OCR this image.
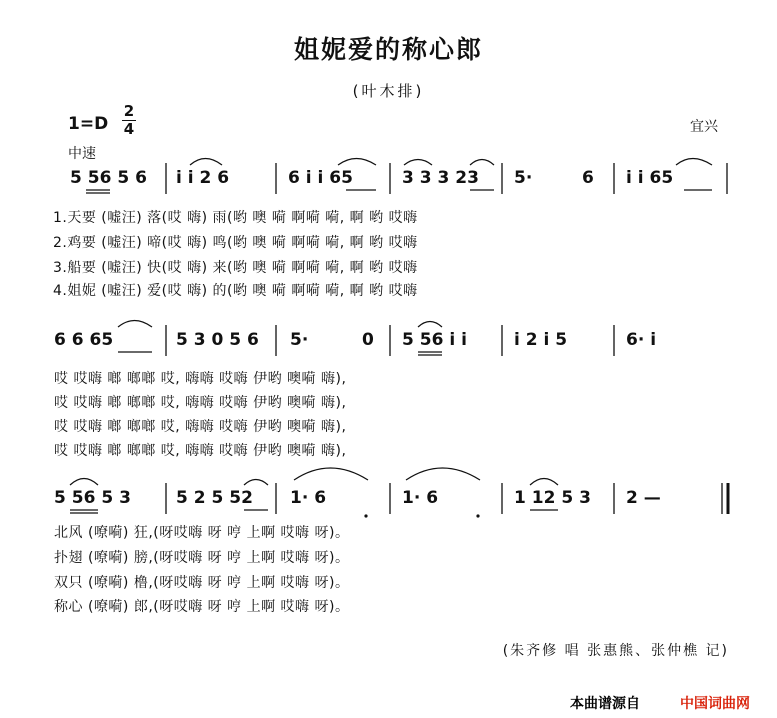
姐妮爱的称心郎
(叶木排)
1=D
2
4	宜兴
中速
5 56 5 6 i i 2 6	6 i i 65	3 3 3 23 5·	6 i i 65
1.天要 (嘘汪) 落(哎 嗨) 雨(哟 噢 嗬 啊嗬 嗬, 啊 哟 哎嗨
2.鸡要 (嘘汪) 啼(哎 嗨) 鸣(哟 噢 嗬 啊嗬 嗬, 啊 哟 哎嗨
3.船要 (嘘汪) 快(哎 嗨) 来(哟 噢 嗬 啊嗬 嗬, 啊 哟 哎嗨
4.姐妮 (嘘汪) 爱(哎 嗨) 的(哟 噢 嗬 啊嗬 嗬, 啊 哟 哎嗨
6 6 65	5 3 0 5 6 5·	0 5 56 i i	i 2 i 5	6· i
哎 哎嗨 啷 啷啷 哎, 嗨嗨 哎嗨 伊哟 噢嗬 嗨),
哎 哎嗨 啷 啷啷 哎, 嗨嗨 哎嗨 伊哟 噢嗬 嗨),
哎 哎嗨 啷 啷啷 哎, 嗨嗨 哎嗨 伊哟 噢嗬 嗨),
哎 哎嗨 啷 啷啷 哎, 嗨嗨 哎嗨 伊哟 噢嗬 嗨),
5 56 5 3	5 2 5 52 1· 6	1· 6	1 12 5 3 2 —
北风 (嘹嗬) 狂,(呀哎嗨 呀 哼 上啊 哎嗨 呀)。
扑翅 (嘹嗬) 膀,(呀哎嗨 呀 哼 上啊 哎嗨 呀)。
双只 (嘹嗬) 橹,(呀哎嗨 呀 哼 上啊 哎嗨 呀)。
称心 (嘹嗬) 郎,(呀哎嗨 呀 哼 上啊 哎嗨 呀)。
(朱齐修 唱 张惠熊、张仲樵 记)
本曲谱源自	中国词曲网
